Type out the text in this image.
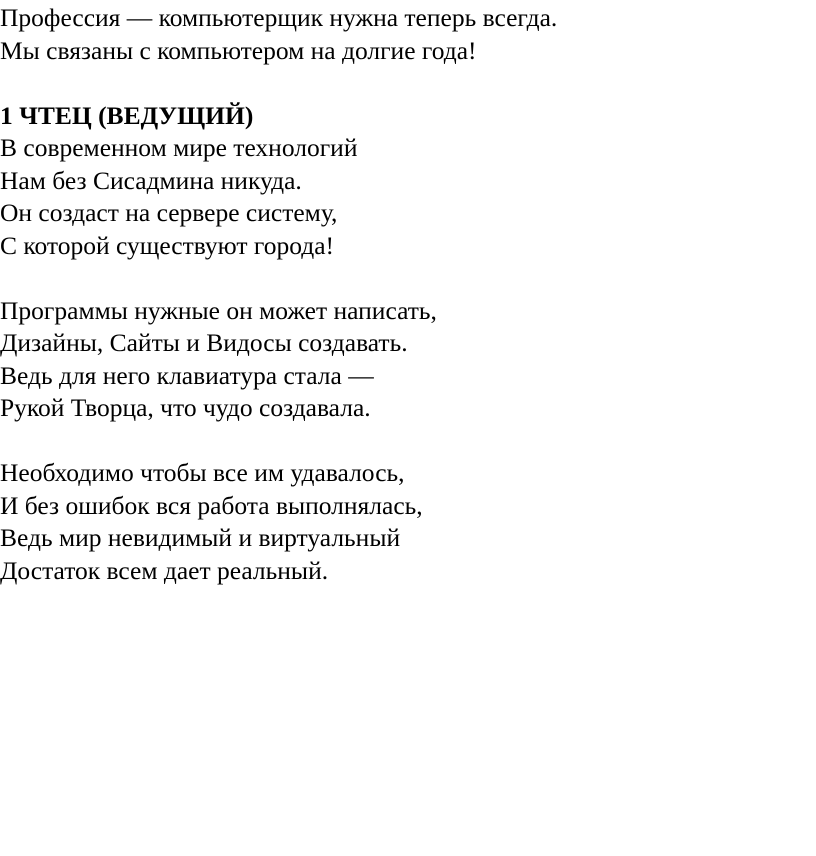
Профессия — компьютерщик нужна теперь всегда.
Мы связаны с компьютером на долгие года!
1 ЧТЕЦ (ВЕДУЩИЙ)
В современном мире технологий
Нам без Сисадмина никуда.
Он создаст на сервере систему,
С которой существуют города!
Программы нужные он может написать,
Дизайны, Сайты и Видосы создавать.
Ведь для него клавиатура стала —
Рукой Творца, что чудо создавала.
Необходимо чтобы все им удавалось,
И без ошибок вся работа выполнялась,
Ведь мир невидимый и виртуальный
Достаток всем дает реальный.
